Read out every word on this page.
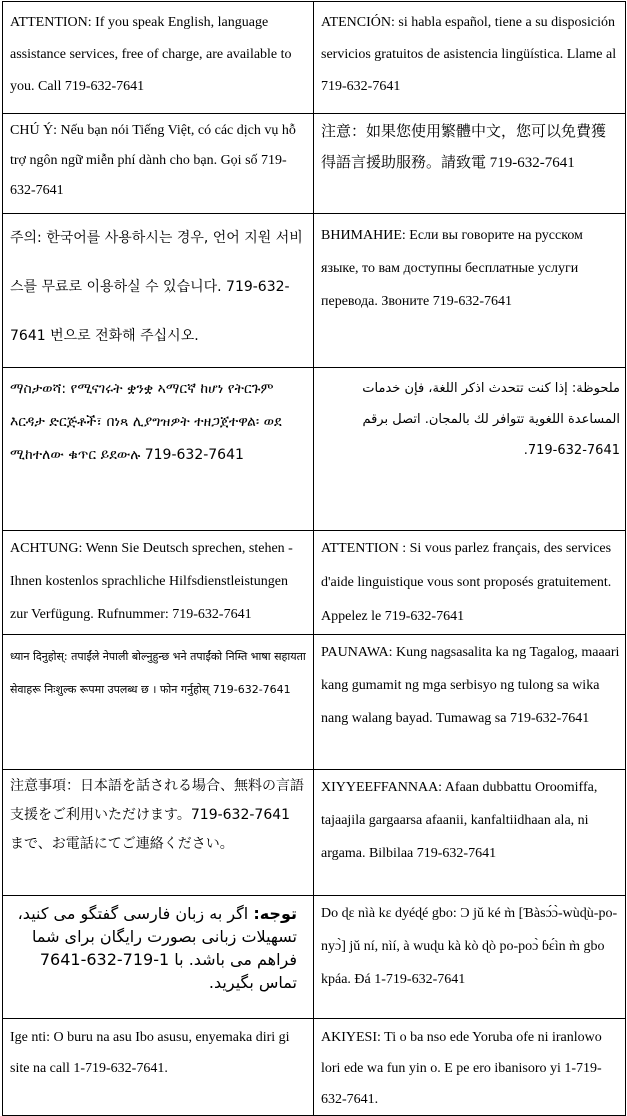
ATTENTION: If you speak English, language assistance services, free of charge, are available to you. Call 719-632-7641	ATENCIÓN: si habla español, tiene a su disposición servicios gratuitos de asistencia lingüística. Llame al 719-632-7641

CHÚ Ý: Nếu bạn nói Tiếng Việt, có các dịch vụ hỗ trợ ngôn ngữ miễn phí dành cho bạn. Gọi số 719-632-7641	注意：如果您使用繁體中文，您可以免費獲得語言援助服務。請致電 719-632-7641

주의: 한국어를 사용하시는 경우, 언어 지원 서비스를 무료로 이용하실 수 있습니다. 719-632-7641 번으로 전화해 주십시오.	ВНИМАНИЕ: Если вы говорите на русском языке, то вам доступны бесплатные услуги перевода. Звоните 719-632-7641

ማስታወሻ: የሚናገሩት ቋንቋ ኣማርኛ ከሆነ የትርጉም እርዳታ ድርጅቶች፣ በነጻ ሊያግዝዎት ተዘጋጀተዋል፡ ወደ ሚከተለው ቁጥር ይደውሉ 719-632-7641	ملحوظة: إذا كنت تتحدث اذكر اللغة، فإن خدمات المساعدة اللغوية تتوافر لك بالمجان. اتصل برقم 7641-632-719.

ACHTUNG: Wenn Sie Deutsch sprechen, stehen -Ihnen kostenlos sprachliche Hilfsdienstleistungen zur Verfügung. Rufnummer: 719-632-7641	ATTENTION : Si vous parlez français, des services d'aide linguistique vous sont proposés gratuitement. Appelez le 719-632-7641

ध्यान दिनुहोस्: तपाईंले नेपाली बोल्नुहुन्छ भने तपाईंको निम्ति भाषा सहायता सेवाहरू निःशुल्क रूपमा उपलब्ध छ । फोन गर्नुहोस् 719-632-7641	PAUNAWA: Kung nagsasalita ka ng Tagalog, maaari kang gumamit ng mga serbisyo ng tulong sa wika nang walang bayad. Tumawag sa 719-632-7641

注意事項：日本語を話される場合、無料の言語支援をご利用いただけます。719-632-7641 まで、お電話にてご連絡ください。	XIYYEEFFANNAA: Afaan dubbattu Oroomiffa, tajaajila gargaarsa afaanii, kanfaltiidhaan ala, ni argama. Bilbilaa 719-632-7641

توجه: اگر به زبان فارسی گفتگو می کنید، تسهیلات زبانی بصورت رایگان برای شما فراهم می باشد. با 1-719-632-7641 تماس بگیرید.	Do ɖɛ nìà kɛ dyéɖé gbo: Ɔ jǔ ké m̀ [Ɓàsɔ́ɔ̀-wùɖù-po-nyɔ̀] jǔ ní, nìí, à wuɖu kà kò ɖò po-poɔ̀ ɓɛ́ìn m̀ gbo kpáa. Ɖá 1-719-632-7641

Ige nti: O buru na asu Ibo asusu, enyemaka diri gi site na call 1-719-632-7641.	AKIYESI: Ti o ba nso ede Yoruba ofe ni iranlowo lori ede wa fun yin o. E pe ero ibanisoro yi 1-719-632-7641.
